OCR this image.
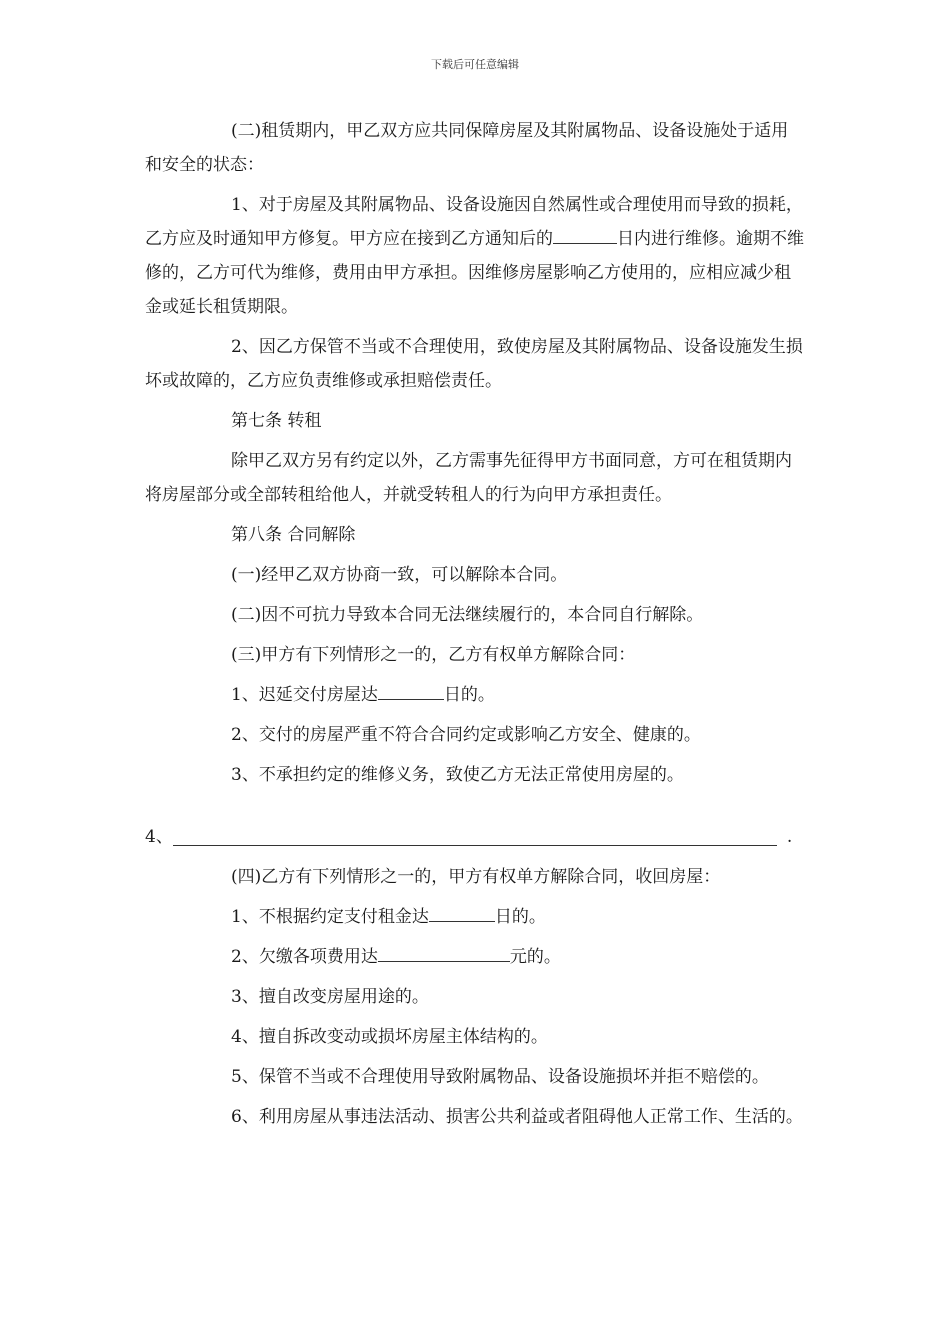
下载后可任意编辑

(二)租赁期内，甲乙双方应共同保障房屋及其附属物品、设备设施处于适用和安全的状态：

1、对于房屋及其附属物品、设备设施因自然属性或合理使用而导致的损耗，乙方应及时通知甲方修复。甲方应在接到乙方通知后的	日内进行维修。逾期不维修的，乙方可代为维修，费用由甲方承担。因维修房屋影响乙方使用的，应相应减少租金或延长租赁期限。

2、因乙方保管不当或不合理使用，致使房屋及其附属物品、设备设施发生损坏或故障的，乙方应负责维修或承担赔偿责任。

第七条 转租

除甲乙双方另有约定以外，乙方需事先征得甲方书面同意，方可在租赁期内将房屋部分或全部转租给他人，并就受转租人的行为向甲方承担责任。

第八条 合同解除

(一)经甲乙双方协商一致，可以解除本合同。

(二)因不可抗力导致本合同无法继续履行的，本合同自行解除。

(三)甲方有下列情形之一的，乙方有权单方解除合同：

1、迟延交付房屋达	日的。

2、交付的房屋严重不符合合同约定或影响乙方安全、健康的。

3、不承担约定的维修义务，致使乙方无法正常使用房屋的。

4、	.

(四)乙方有下列情形之一的，甲方有权单方解除合同，收回房屋：

1、不根据约定支付租金达	日的。

2、欠缴各项费用达	元的。

3、擅自改变房屋用途的。

4、擅自拆改变动或损坏房屋主体结构的。

5、保管不当或不合理使用导致附属物品、设备设施损坏并拒不赔偿的。

6、利用房屋从事违法活动、损害公共利益或者阻碍他人正常工作、生活的。
